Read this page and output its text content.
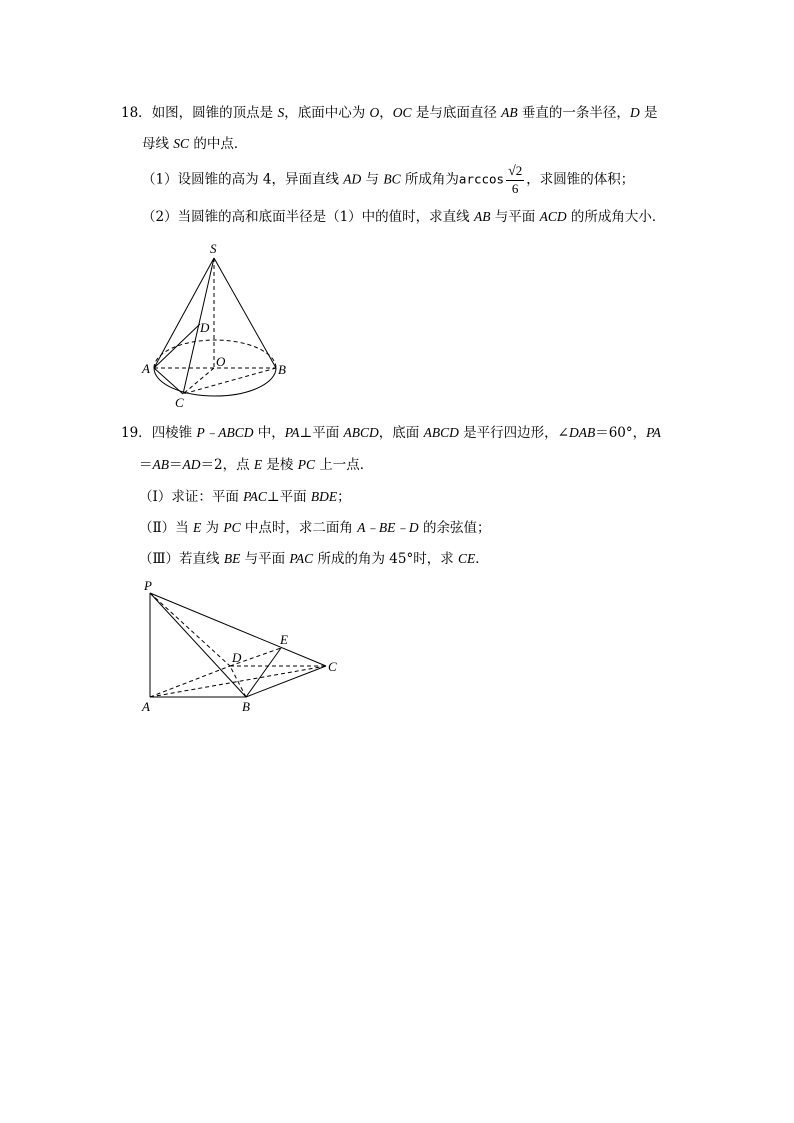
18．如图，圆锥的顶点是 S，底面中心为 O，OC 是与底面直径 AB 垂直的一条半径，D 是
母线 SC 的中点．
（1）设圆锥的高为 4，异面直线 AD 与 BC 所成角为$\arccos \frac{√2}{6}$ ，求圆锥的体积；
（2）当圆锥的高和底面半径是（1）中的值时，求直线 AB 与平面 ACD 的所成角大小．
S
D
O
A	B
C
19．四棱锥 P﹣ABCD 中，PA⊥平面 ABCD，底面 ABCD 是平行四边形，∠DAB＝60°，PA
＝AB＝AD＝2，点 E 是棱 PC 上一点．
（Ⅰ）求证：平面 PAC⊥平面 BDE；
（Ⅱ）当 E 为 PC 中点时，求二面角 A﹣BE﹣D 的余弦值；
（Ⅲ）若直线 BE 与平面 PAC 所成的角为 45°时，求 CE．
P
D
E
C
A	B
